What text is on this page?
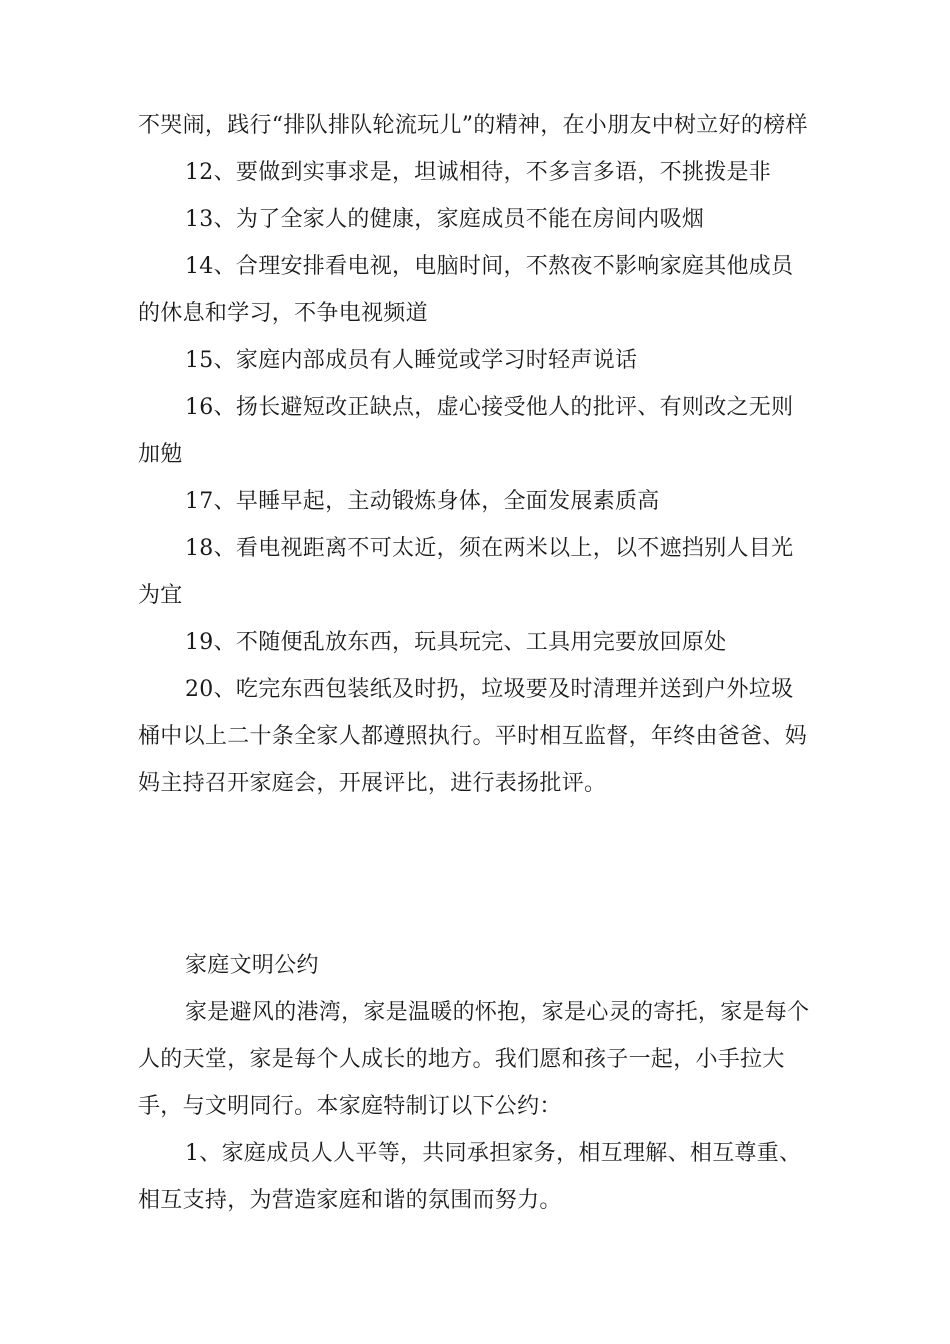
不哭闹，践行“排队排队轮流玩儿”的精神，在小朋友中树立好的榜样

12、要做到实事求是，坦诚相待，不多言多语，不挑拨是非

13、为了全家人的健康，家庭成员不能在房间内吸烟

14、合理安排看电视，电脑时间，不熬夜不影响家庭其他成员的休息和学习，不争电视频道

15、家庭内部成员有人睡觉或学习时轻声说话

16、扬长避短改正缺点，虚心接受他人的批评、有则改之无则加勉

17、早睡早起，主动锻炼身体，全面发展素质高

18、看电视距离不可太近，须在两米以上，以不遮挡别人目光为宜

19、不随便乱放东西，玩具玩完、工具用完要放回原处

20、吃完东西包装纸及时扔，垃圾要及时清理并送到户外垃圾桶中以上二十条全家人都遵照执行。平时相互监督，年终由爸爸、妈妈主持召开家庭会，开展评比，进行表扬批评。

家庭文明公约

家是避风的港湾，家是温暖的怀抱，家是心灵的寄托，家是每个人的天堂，家是每个人成长的地方。我们愿和孩子一起，小手拉大手，与文明同行。本家庭特制订以下公约：

1、家庭成员人人平等，共同承担家务，相互理解、相互尊重、相互支持，为营造家庭和谐的氛围而努力。
